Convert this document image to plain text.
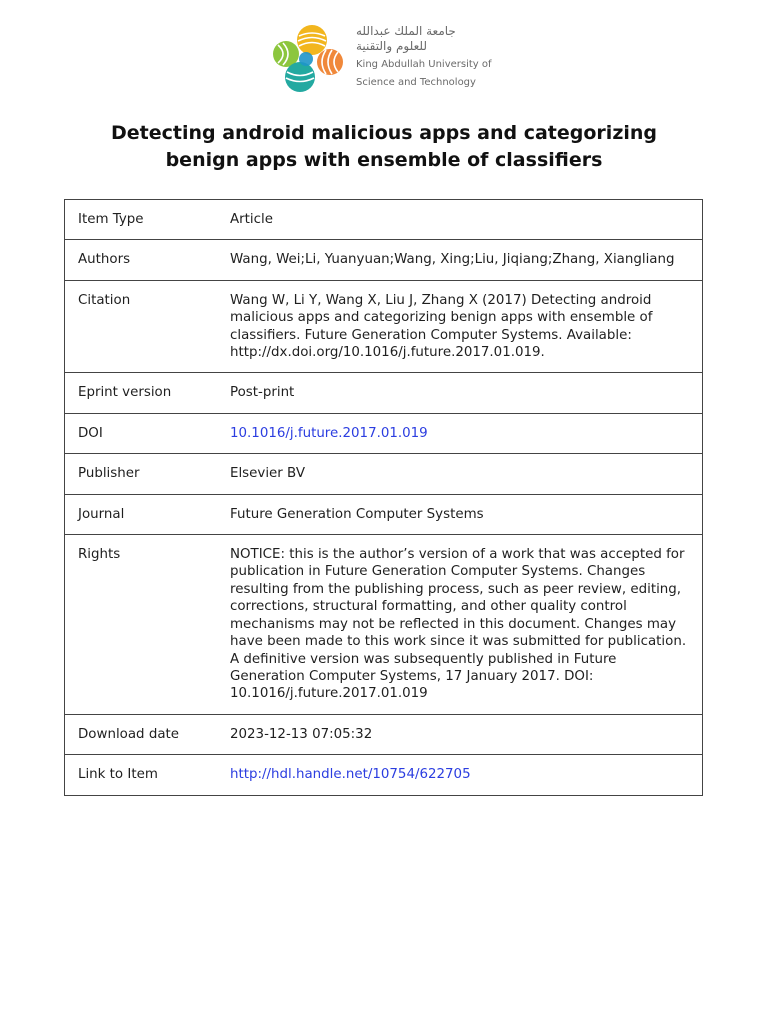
جامعة الملك عبدالله
للعلوم والتقنية
King Abdullah University of
Science and Technology
Detecting android malicious apps and categorizing
benign apps with ensemble of classifiers
Item Type	Article
Authors	Wang, Wei;Li, Yuanyuan;Wang, Xing;Liu, Jiqiang;Zhang, Xiangliang
Citation	Wang W, Li Y, Wang X, Liu J, Zhang X (2017) Detecting android malicious apps and categorizing benign apps with ensemble of classifiers. Future Generation Computer Systems. Available: http://dx.doi.org/10.1016/j.future.2017.01.019.
Eprint version	Post-print
DOI	10.1016/j.future.2017.01.019
Publisher	Elsevier BV
Journal	Future Generation Computer Systems
Rights	NOTICE: this is the author’s version of a work that was accepted for publication in Future Generation Computer Systems. Changes resulting from the publishing process, such as peer review, editing, corrections, structural formatting, and other quality control mechanisms may not be reflected in this document. Changes may have been made to this work since it was submitted for publication. A definitive version was subsequently published in Future Generation Computer Systems, 17 January 2017. DOI: 10.1016/j.future.2017.01.019
Download date	2023-12-13 07:05:32
Link to Item	http://hdl.handle.net/10754/622705
